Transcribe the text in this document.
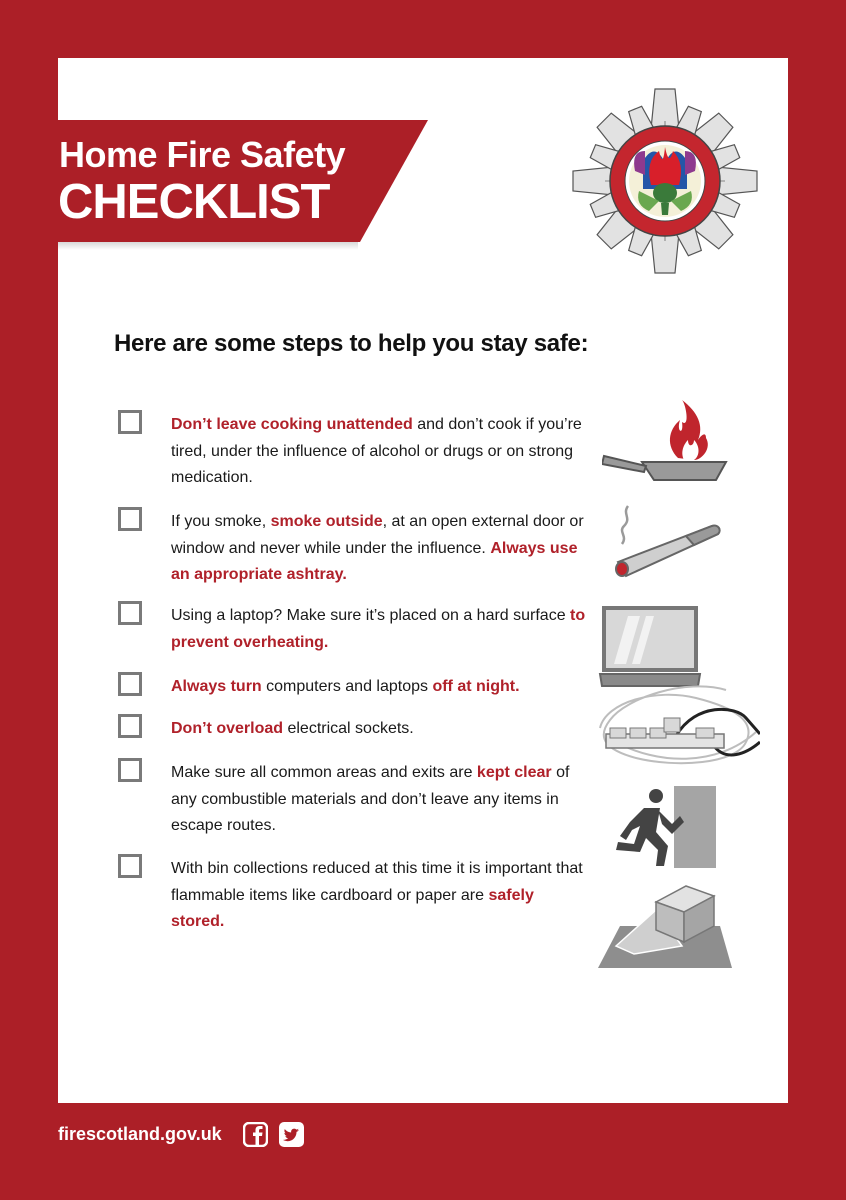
Home Fire Safety
CHECKLIST
Here are some steps to help you stay safe:
Don’t leave cooking unattended and don’t cook if you’re tired, under the influence of alcohol or drugs or on strong medication.
If you smoke, smoke outside, at an open external door or window and never while under the influence. Always use an appropriate ashtray.
Using a laptop? Make sure it’s placed on a hard surface to prevent overheating.
Always turn computers and laptops off at night.
Don’t overload electrical sockets.
Make sure all common areas and exits are kept clear of any combustible materials and don’t leave any items in escape routes.
With bin collections reduced at this time it is important that flammable items like cardboard or paper are safely stored.
firescotland.gov.uk
